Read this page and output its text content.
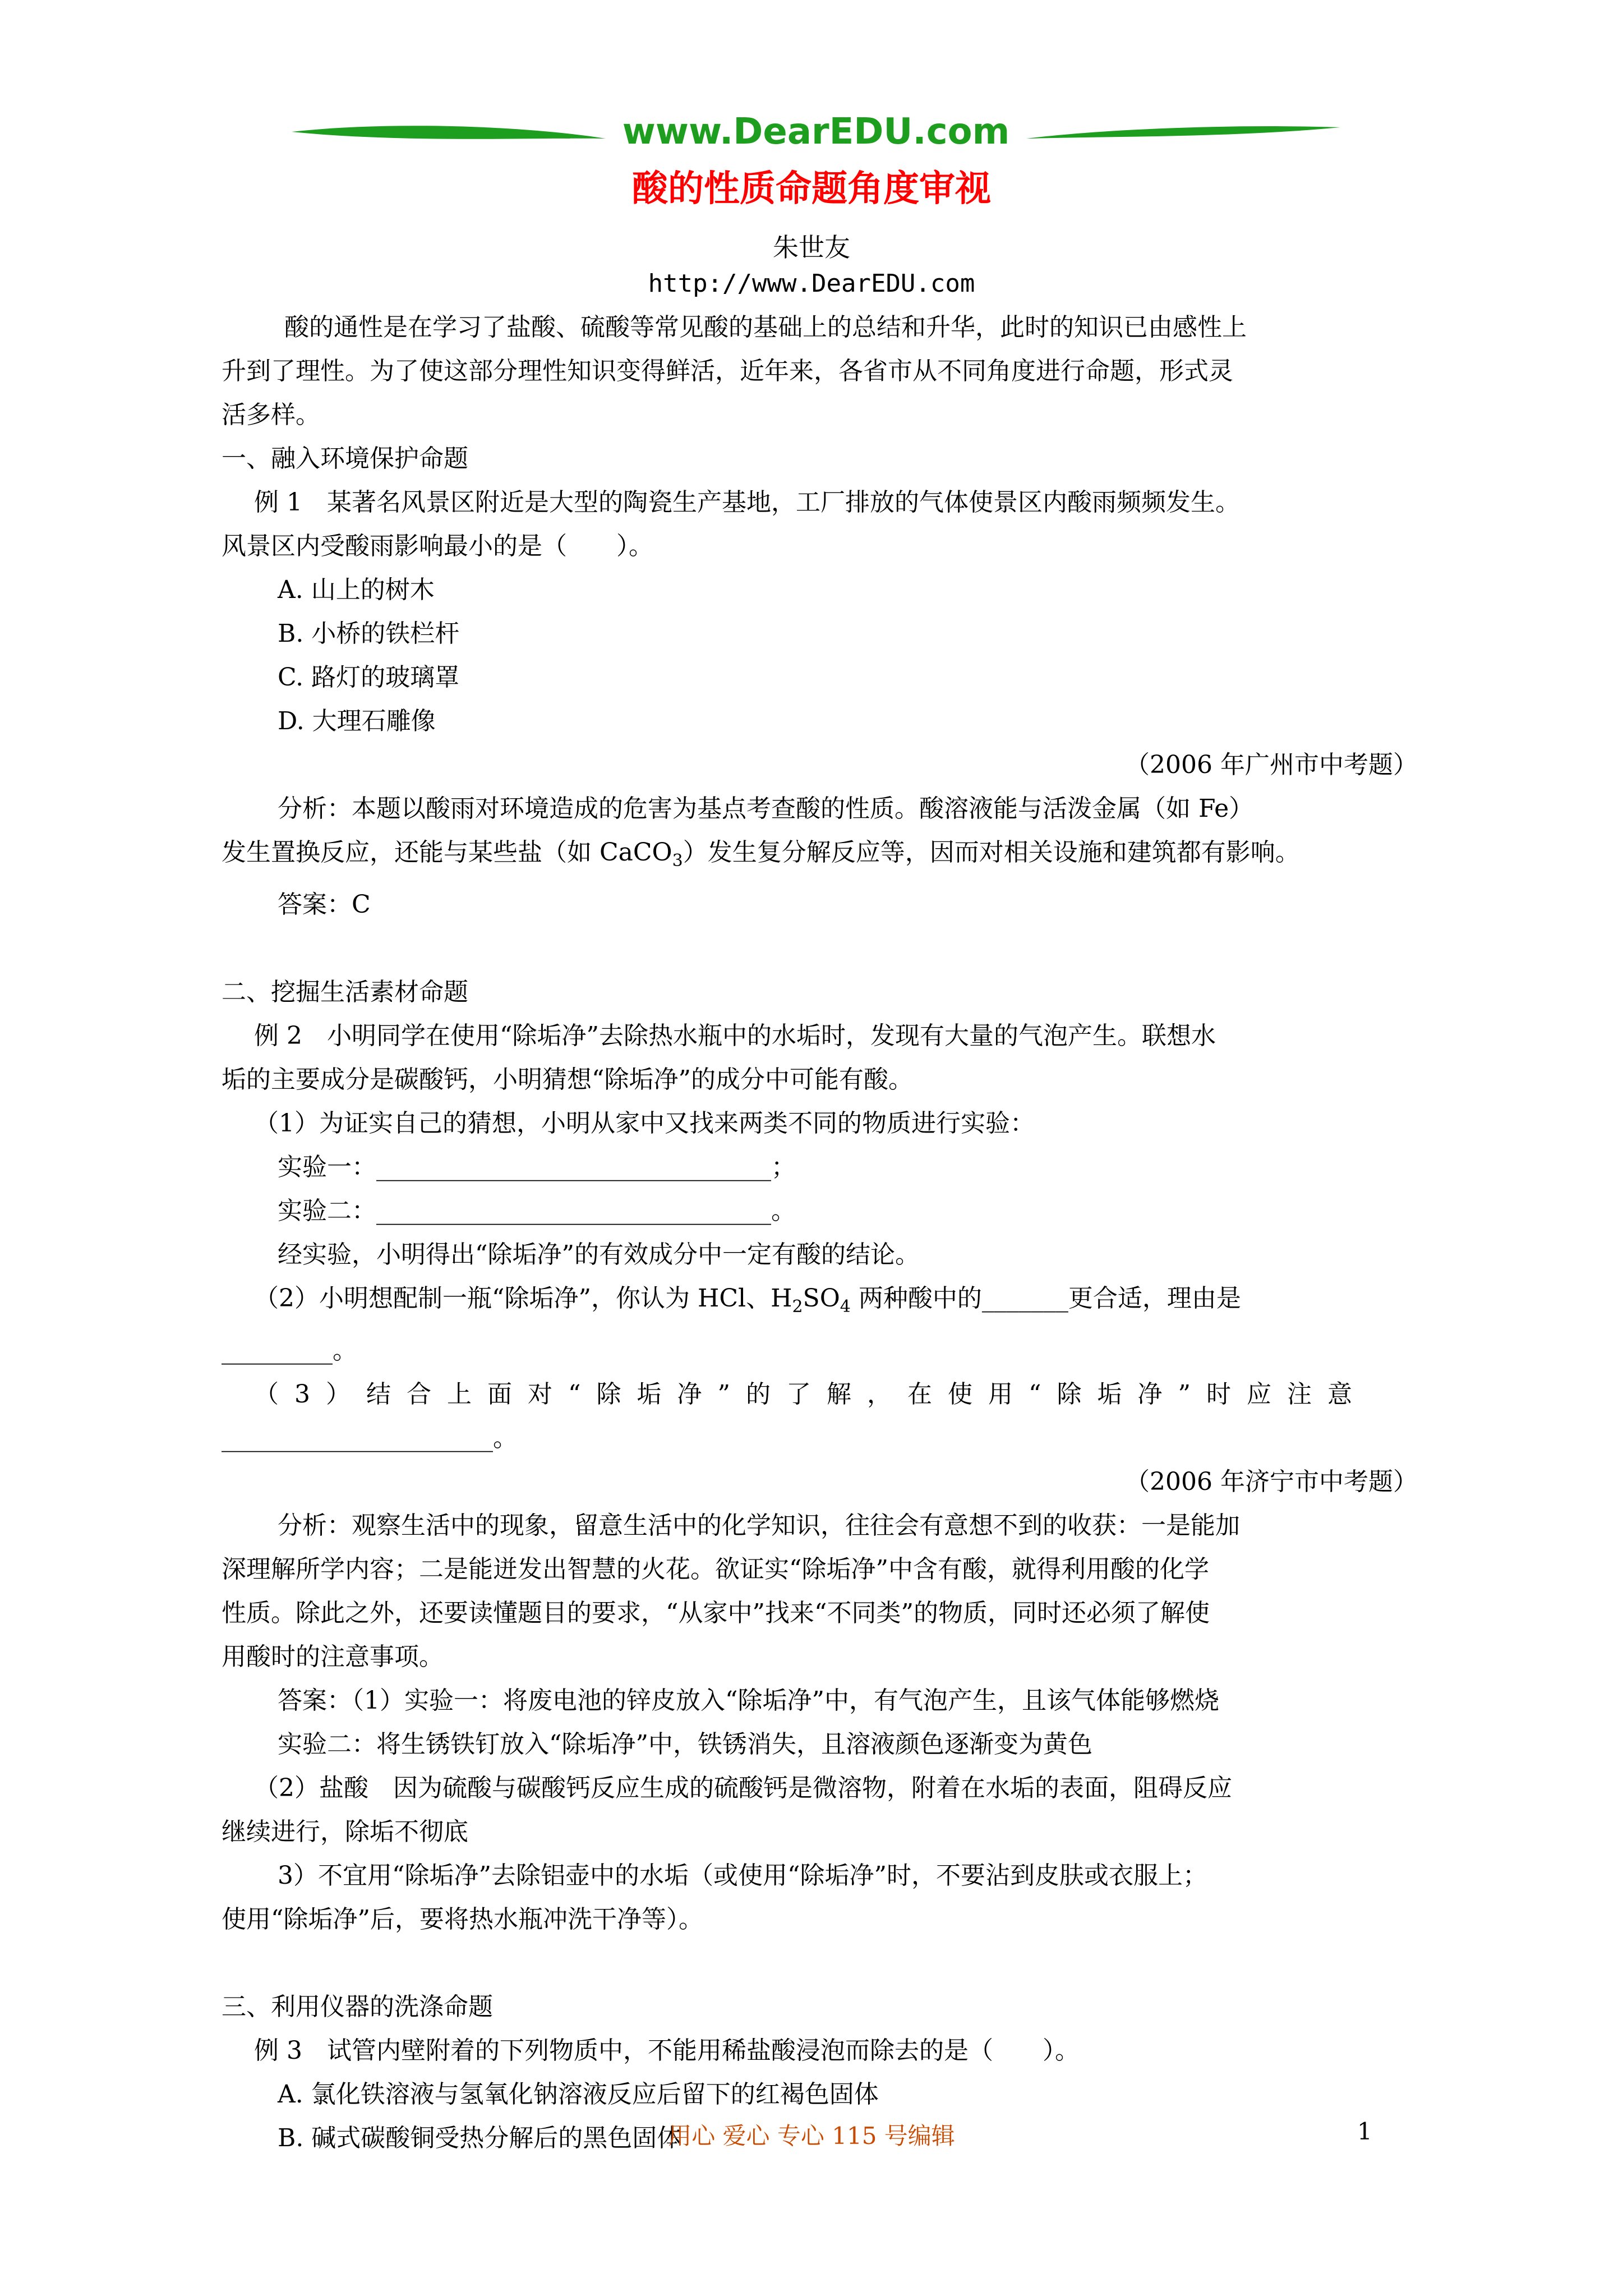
www.DearEDU.com
酸的性质命题角度审视
朱世友
http://www.DearEDU.com

酸的通性是在学习了盐酸、硫酸等常见酸的基础上的总结和升华，此时的知识已由感性上

升到了理性。为了使这部分理性知识变得鲜活，近年来，各省市从不同角度进行命题，形式灵

活多样。

一、融入环境保护命题

例 1　某著名风景区附近是大型的陶瓷生产基地，工厂排放的气体使景区内酸雨频频发生。

风景区内受酸雨影响最小的是（　　）。

A. 山上的树木

B. 小桥的铁栏杆

C. 路灯的玻璃罩

D. 大理石雕像

（2006 年广州市中考题）

分析：本题以酸雨对环境造成的危害为基点考查酸的性质。酸溶液能与活泼金属（如 Fe）

发生置换反应，还能与某些盐（如 CaCO$_3$）发生复分解反应等，因而对相关设施和建筑都有影响。

答案：C

二、挖掘生活素材命题

例 2　小明同学在使用“除垢净”去除热水瓶中的水垢时，发现有大量的气泡产生。联想水

垢的主要成分是碳酸钙，小明猜想“除垢净”的成分中可能有酸。

（1）为证实自己的猜想，小明从家中又找来两类不同的物质进行实验：

实验一：________________________________；

实验二：________________________________。

经实验，小明得出“除垢净”的有效成分中一定有酸的结论。

（2）小明想配制一瓶“除垢净”，你认为 HCl、$H_2SO_4$ 两种酸中的_______更合适，理由是

_________。

（3）结合上面对“除垢净”的了解，在使用“除垢净”时应注意

______________________。

（2006 年济宁市中考题）

分析：观察生活中的现象，留意生活中的化学知识，往往会有意想不到的收获：一是能加

深理解所学内容；二是能迸发出智慧的火花。欲证实“除垢净”中含有酸，就得利用酸的化学

性质。除此之外，还要读懂题目的要求，“从家中”找来“不同类”的物质，同时还必须了解使

用酸时的注意事项。

答案：（1）实验一：将废电池的锌皮放入“除垢净”中，有气泡产生，且该气体能够燃烧

实验二：将生锈铁钉放入“除垢净”中，铁锈消失，且溶液颜色逐渐变为黄色

（2）盐酸　因为硫酸与碳酸钙反应生成的硫酸钙是微溶物，附着在水垢的表面，阻碍反应

继续进行，除垢不彻底

3）不宜用“除垢净”去除铝壶中的水垢（或使用“除垢净”时，不要沾到皮肤或衣服上；

使用“除垢净”后，要将热水瓶冲洗干净等）。

三、利用仪器的洗涤命题

例 3　试管内壁附着的下列物质中，不能用稀盐酸浸泡而除去的是（　　）。

A. 氯化铁溶液与氢氧化钠溶液反应后留下的红褐色固体

B. 碱式碳酸铜受热分解后的黑色固体

用心 爱心 专心 115 号编辑	1
